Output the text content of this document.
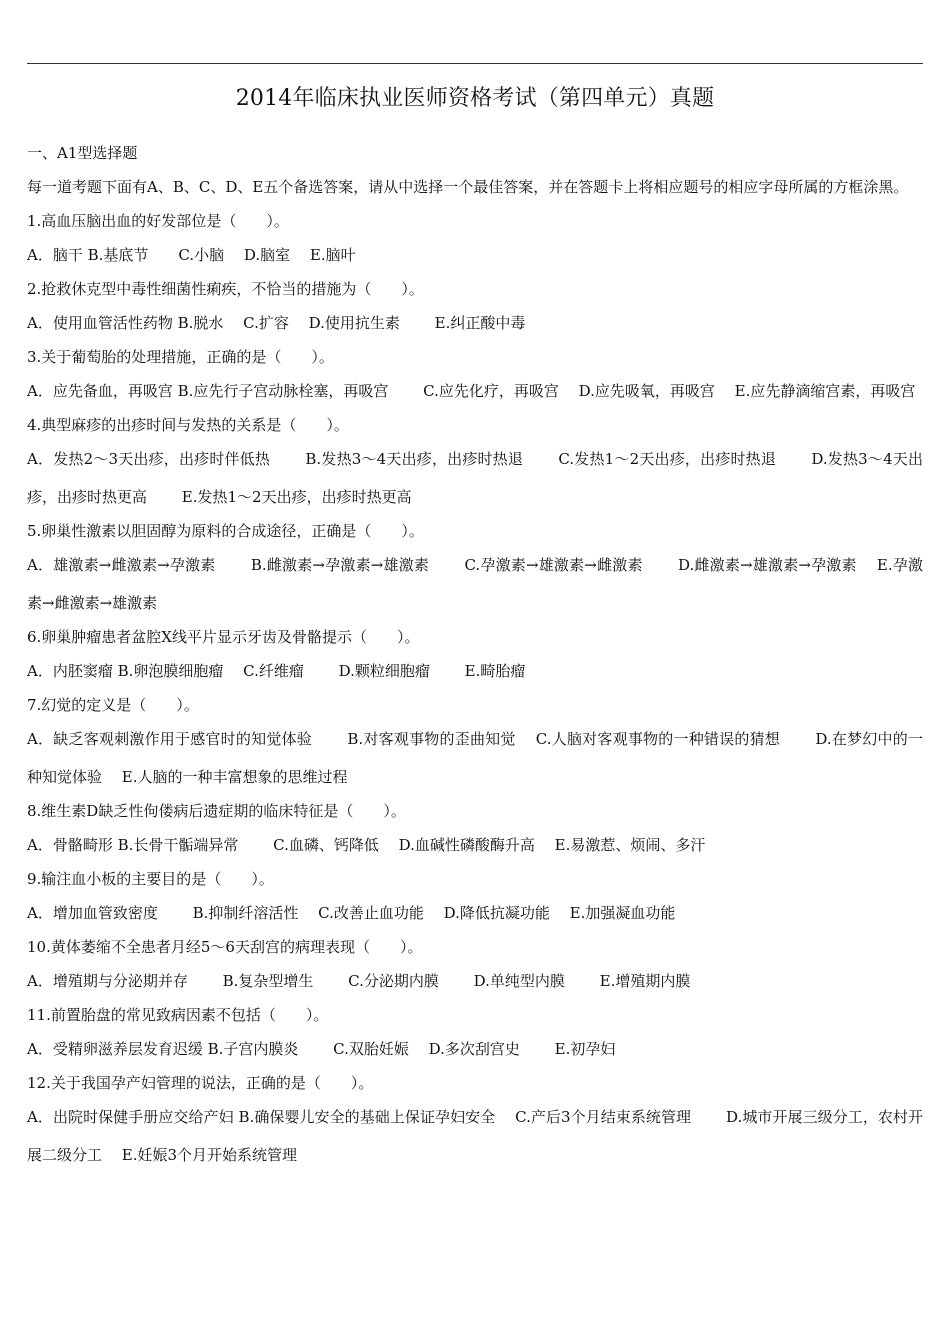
2014年临床执业医师资格考试（第四单元）真题
一、A1型选择题
每一道考题下面有A、B、C、D、E五个备选答案，请从中选择一个最佳答案，并在答题卡上将相应题号的相应字母所属的方框涂黑。
1.高血压脑出血的好发部位是（　　）。
A．脑干 B.基底节　　C.小脑　 D.脑室　 E.脑叶
2.抢救休克型中毒性细菌性痢疾，不恰当的措施为（　　）。
A．使用血管活性药物 B.脱水　 C.扩容　 D.使用抗生素　　 E.纠正酸中毒
3.关于葡萄胎的处理措施，正确的是（　　）。
A．应先备血，再吸宫 B.应先行子宫动脉栓塞，再吸宫　　 C.应先化疗，再吸宫　 D.应先吸氧，再吸宫　 E.应先静滴缩宫素，再吸宫
4.典型麻疹的出疹时间与发热的关系是（　　）。
A．发热2～3天出疹，出疹时伴低热　　 B.发热3～4天出疹，出疹时热退　　 C.发热1～2天出疹，出疹时热退　　 D.发热3～4天出疹，出疹时热更高　　 E.发热1～2天出疹，出疹时热更高
5.卵巢性激素以胆固醇为原料的合成途径，正确是（　　）。
A．雄激素→雌激素→孕激素　　 B.雌激素→孕激素→雄激素　　 C.孕激素→雄激素→雌激素　　 D.雌激素→雄激素→孕激素　 E.孕激素→雌激素→雄激素
6.卵巢肿瘤患者盆腔X线平片显示牙齿及骨骼提示（　　）。
A．内胚窦瘤 B.卵泡膜细胞瘤　 C.纤维瘤　　 D.颗粒细胞瘤　　 E.畸胎瘤
7.幻觉的定义是（　　）。
A．缺乏客观刺激作用于感官时的知觉体验　　 B.对客观事物的歪曲知觉　 C.人脑对客观事物的一种错误的猜想　　 D.在梦幻中的一种知觉体验　 E.人脑的一种丰富想象的思维过程
8.维生素D缺乏性佝偻病后遗症期的临床特征是（　　）。
A．骨骼畸形 B.长骨干骺端异常　　 C.血磷、钙降低　 D.血碱性磷酸酶升高　 E.易激惹、烦闹、多汗
9.输注血小板的主要目的是（　　）。
A．增加血管致密度　　 B.抑制纤溶活性　 C.改善止血功能　 D.降低抗凝功能　 E.加强凝血功能
10.黄体萎缩不全患者月经5～6天刮宫的病理表现（　　）。
A．增殖期与分泌期并存　　 B.复杂型增生　　 C.分泌期内膜　　 D.单纯型内膜　　 E.增殖期内膜
11.前置胎盘的常见致病因素不包括（　　）。
A．受精卵滋养层发育迟缓 B.子宫内膜炎　　 C.双胎妊娠　 D.多次刮宫史　　 E.初孕妇
12.关于我国孕产妇管理的说法，正确的是（　　）。
A．出院时保健手册应交给产妇 B.确保婴儿安全的基础上保证孕妇安全　 C.产后3个月结束系统管理　　 D.城市开展三级分工，农村开展二级分工　 E.妊娠3个月开始系统管理
